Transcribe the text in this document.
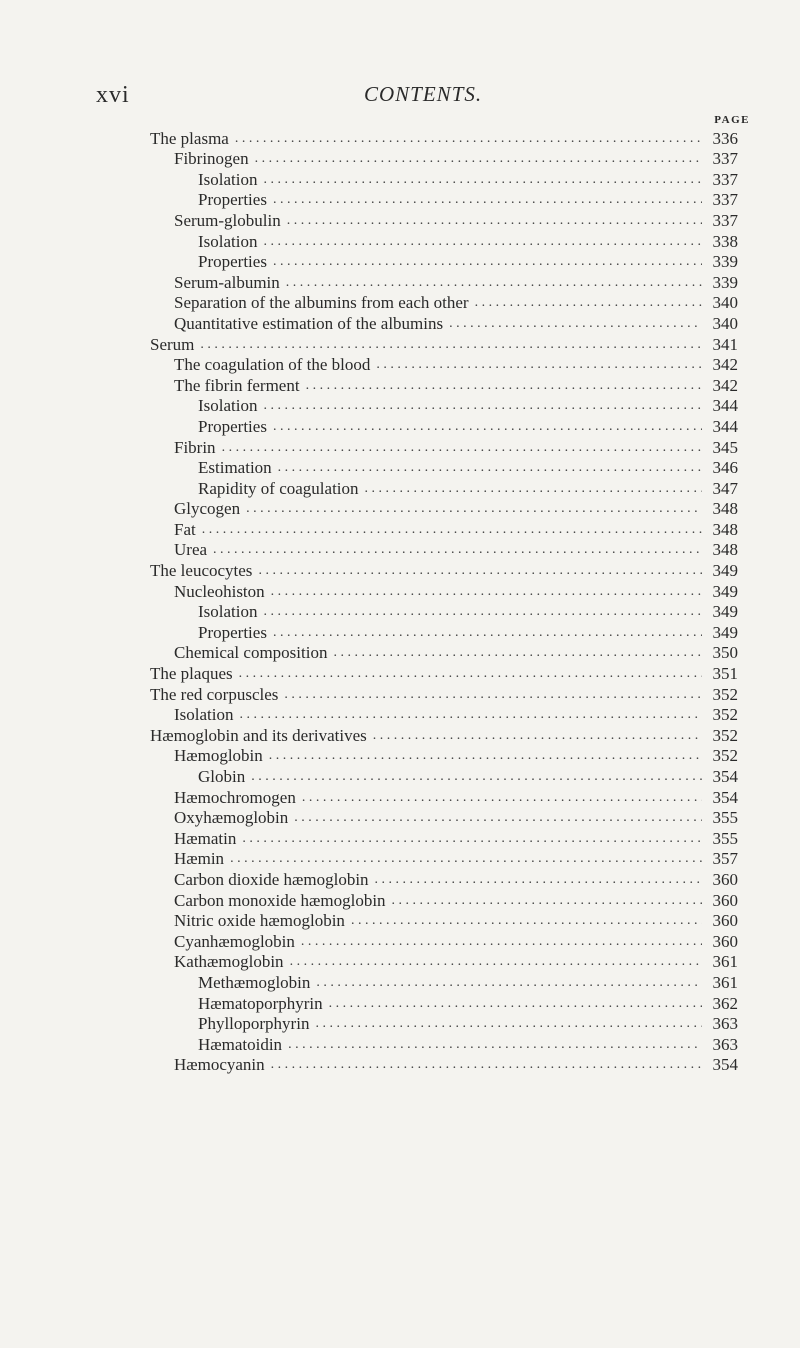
xvi	CONTENTS.
PAGE
The plasma . . .	336
Fibrinogen . . .	337
Isolation . . .	337
Properties . . .	337
Serum-globulin . . .	337
Isolation . . .	338
Properties . . .	339
Serum-albumin . . .	339
Separation of the albumins from each other . . .	340
Quantitative estimation of the albumins . . .	340
Serum . . .	341
The coagulation of the blood . . .	342
The fibrin ferment . . .	342
Isolation . . .	344
Properties . . .	344
Fibrin . . .	345
Estimation . . .	346
Rapidity of coagulation . . .	347
Glycogen . . .	348
Fat . . .	348
Urea . . .	348
The leucocytes . . .	349
Nucleohiston . . .	349
Isolation . . .	349
Properties . . .	349
Chemical composition . . .	350
The plaques . . .	351
The red corpuscles . . .	352
Isolation . . .	352
Hæmoglobin and its derivatives . . .	352
Hæmoglobin . . .	352
Globin . . .	354
Hæmochromogen . . .	354
Oxyhæmoglobin . . .	355
Hæmatin . . .	355
Hæmin . . .	357
Carbon dioxide hæmoglobin . . .	360
Carbon monoxide hæmoglobin . . .	360
Nitric oxide hæmoglobin . . .	360
Cyanhæmoglobin . . .	360
Kathæmoglobin . . .	361
Methæmoglobin . . .	361
Hæmatoporphyrin . . .	362
Phylloporphyrin . . .	363
Hæmatoidin . . .	363
Hæmocyanin . . .	354
